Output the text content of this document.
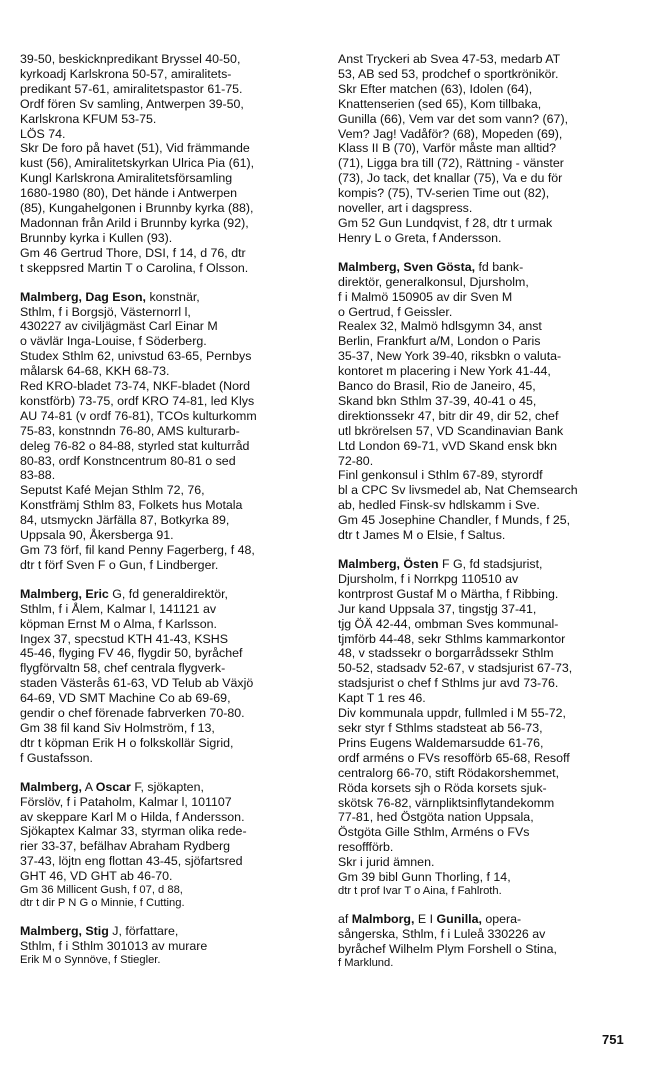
39-50, beskicknpredikant Bryssel 40-50,
kyrkoadj Karlskrona 50-57, amiralitets-
predikant 57-61, amiralitetspastor 61-75.
Ordf fören Sv samling, Antwerpen 39-50,
Karlskrona KFUM 53-75.
LÖS 74.
Skr De foro på havet (51), Vid främmande
kust (56), Amiralitetskyrkan Ulrica Pia (61),
Kungl Karlskrona Amiralitetsförsamling
1680-1980 (80), Det hände i Antwerpen
(85), Kungahelgonen i Brunnby kyrka (88),
Madonnan från Arild i Brunnby kyrka (92),
Brunnby kyrka i Kullen (93).
Gm 46 Gertrud Thore, DSI, f 14, d 76, dtr
t skeppsred Martin T o Carolina, f Olsson.
Malmberg, Dag Eson, konstnär,
Sthlm, f i Borgsjö, Västernorrl l,
430227 av civiljägmäst Carl Einar M
o vävlär Inga-Louise, f Söderberg.
Studex Sthlm 62, univstud 63-65, Pernbys
målarsk 64-68, KKH 68-73.
Red KRO-bladet 73-74, NKF-bladet (Nord
konstförb) 73-75, ordf KRO 74-81, led Klys
AU 74-81 (v ordf 76-81), TCOs kulturkomm
75-83, konstnndn 76-80, AMS kulturarb-
deleg 76-82 o 84-88, styrled stat kulturråd
80-83, ordf Konstncentrum 80-81 o sed
83-88.
Seputst Kafé Mejan Sthlm 72, 76,
Konstfrämj Sthlm 83, Folkets hus Motala
84, utsmyckn Järfälla 87, Botkyrka 89,
Uppsala 90, Åkersberga 91.
Gm 73 förf, fil kand Penny Fagerberg, f 48,
dtr t förf Sven F o Gun, f Lindberger.
Malmberg, Eric G, fd generaldirektör,
Sthlm, f i Ålem, Kalmar l, 141121 av
köpman Ernst M o Alma, f Karlsson.
Ingex 37, specstud KTH 41-43, KSHS
45-46, flyging FV 46, flygdir 50, byråchef
flygförvaltn 58, chef centrala flygverk-
staden Västerås 61-63, VD Telub ab Växjö
64-69, VD SMT Machine Co ab 69-69,
gendir o chef förenade fabrverken 70-80.
Gm 38 fil kand Siv Holmström, f 13,
dtr t köpman Erik H o folkskollär Sigrid,
f Gustafsson.
Malmberg, A Oscar F, sjökapten,
Förslöv, f i Pataholm, Kalmar l, 101107
av skeppare Karl M o Hilda, f Andersson.
Sjökaptex Kalmar 33, styrman olika rede-
rier 33-37, befälhav Abraham Rydberg
37-43, löjtn eng flottan 43-45, sjöfartsred
GHT 46, VD GHT ab 46-70.
Gm 36 Millicent Gush, f 07, d 88,
dtr t dir P N G o Minnie, f Cutting.
Malmberg, Stig J, författare,
Sthlm, f i Sthlm 301013 av murare
Erik M o Synnöve, f Stiegler.
Anst Tryckeri ab Svea 47-53, medarb AT
53, AB sed 53, prodchef o sportkrönikör.
Skr Efter matchen (63), Idolen (64),
Knattenserien (sed 65), Kom tillbaka,
Gunilla (66), Vem var det som vann? (67),
Vem? Jag! Vadåför? (68), Mopeden (69),
Klass II B (70), Varför måste man alltid?
(71), Ligga bra till (72), Rättning - vänster
(73), Jo tack, det knallar (75), Va e du för
kompis? (75), TV-serien Time out (82),
noveller, art i dagspress.
Gm 52 Gun Lundqvist, f 28, dtr t urmak
Henry L o Greta, f Andersson.
Malmberg, Sven Gösta, fd bank-
direktör, generalkonsul, Djursholm,
f i Malmö 150905 av dir Sven M
o Gertrud, f Geissler.
Realex 32, Malmö hdlsgymn 34, anst
Berlin, Frankfurt a/M, London o Paris
35-37, New York 39-40, riksbkn o valuta-
kontoret m placering i New York 41-44,
Banco do Brasil, Rio de Janeiro, 45,
Skand bkn Sthlm 37-39, 40-41 o 45,
direktionssekr 47, bitr dir 49, dir 52, chef
utl bkrörelsen 57, VD Scandinavian Bank
Ltd London 69-71, vVD Skand ensk bkn
72-80.
Finl genkonsul i Sthlm 67-89, styrordf
bl a CPC Sv livsmedel ab, Nat Chemsearch
ab, hedled Finsk-sv hdlskamm i Sve.
Gm 45 Josephine Chandler, f Munds, f 25,
dtr t James M o Elsie, f Saltus.
Malmberg, Östen F G, fd stadsjurist,
Djursholm, f i Norrkpg 110510 av
kontrprost Gustaf M o Märtha, f Ribbing.
Jur kand Uppsala 37, tingstjg 37-41,
tjg ÖÄ 42-44, ombman Sves kommunal-
tjmförb 44-48, sekr Sthlms kammarkontor
48, v stadssekr o borgarrådssekr Sthlm
50-52, stadsadv 52-67, v stadsjurist 67-73,
stadsjurist o chef f Sthlms jur avd 73-76.
Kapt T 1 res 46.
Div kommunala uppdr, fullmled i M 55-72,
sekr styr f Sthlms stadsteat ab 56-73,
Prins Eugens Waldemarsudde 61-76,
ordf arméns o FVs resofförb 65-68, Resoff
centralorg 66-70, stift Rödakorshemmet,
Röda korsets sjh o Röda korsets sjuk-
skötsk 76-82, värnpliktsinflytandekomm
77-81, hed Östgöta nation Uppsala,
Östgöta Gille Sthlm, Arméns o FVs
resoffförb.
Skr i jurid ämnen.
Gm 39 bibl Gunn Thorling, f 14,
dtr t prof Ivar T o Aina, f Fahlroth.
af Malmborg, E I Gunilla, opera-
sångerska, Sthlm, f i Luleå 330226 av
byråchef Wilhelm Plym Forshell o Stina,
f Marklund.
751
